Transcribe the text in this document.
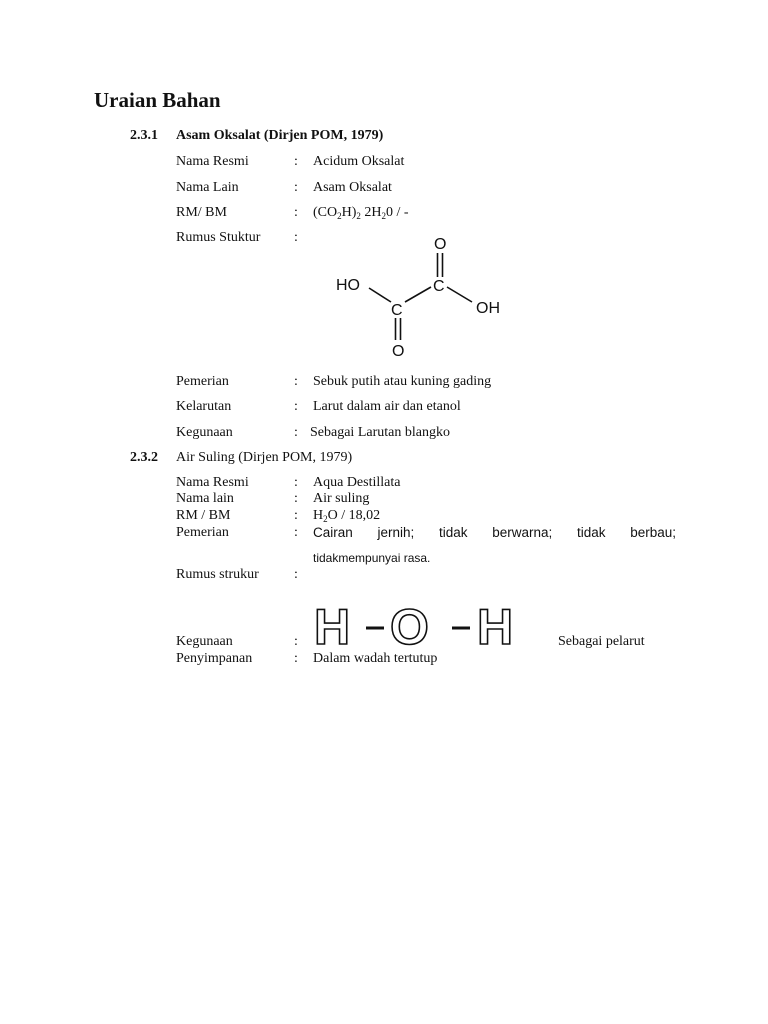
Uraian Bahan
2.3.1 Asam Oksalat (Dirjen POM, 1979)
Nama Resmi	: Acidum Oksalat
Nama Lain	: Asam Oksalat
RM/ BM	: $(CO_2H)_2$ $2H_20$ / -
Rumus Stuktur :	O
C
HO
OH
C
O
Pemerian	: Sebuk putih atau kuning gading
Kelarutan	: Larut dalam air dan etanol
Kegunaan	: Sebagai Larutan blangko
2.3.2 Air Suling (Dirjen POM, 1979)
Nama Resmi	: Aqua Destillata
Nama lain	: Air suling
RM / BM	: $H_2O / 18,02$
Pemerian	: Cairan jernih; tidak berwarna; tidak berbau;
tidakmempunyai rasa.
Rumus strukur	:
H O H
Kegunaan	:	Sebagai pelarut
Penyimpanan	: Dalam wadah tertutup
